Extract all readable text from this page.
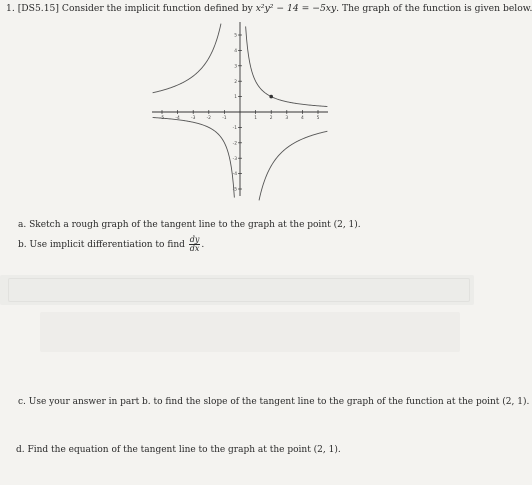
1. [DS5.15] Consider the implicit function defined by x²y² − 14 = −5xy. The graph of the function is given below.
-5	-4	-3	-2	-1	1	2	3	4	5
5
4
3
2
1
-1
-2
-3
-4
-5
a. Sketch a rough graph of the tangent line to the graph at the point (2, 1).
b. Use implicit differentiation to find $\frac{dy}{dx}$ .
c. Use your answer in part b. to find the slope of the tangent line to the graph of the function at the point (2, 1).
d. Find the equation of the tangent line to the graph at the point (2, 1).
